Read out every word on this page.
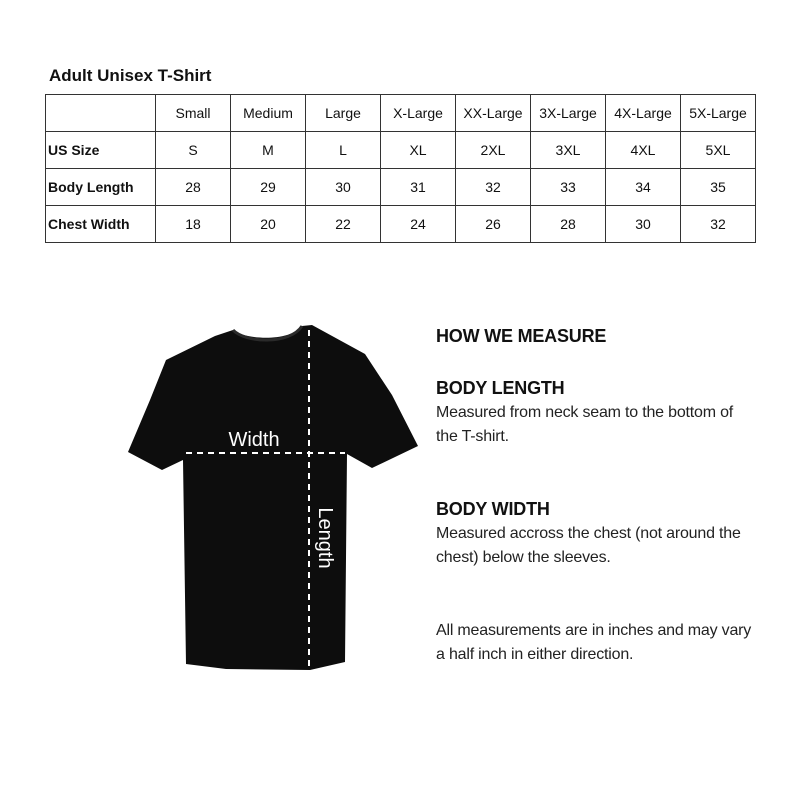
Adult Unisex T-Shirt
	Small	Medium	Large	X-Large	XX-Large	3X-Large	4X-Large	5X-Large
US Size	S	M	L	XL	2XL	3XL	4XL	5XL
Body Length	28	29	30	31	32	33	34	35
Chest Width	18	20	22	24	26	28	30	32
Width
Length
HOW WE MEASURE
BODY LENGTH
Measured from neck seam to the bottom of
the T-shirt.
BODY WIDTH
Measured accross the chest (not around the
chest) below the sleeves.
All measurements are in inches and may vary
a half inch in either direction.
